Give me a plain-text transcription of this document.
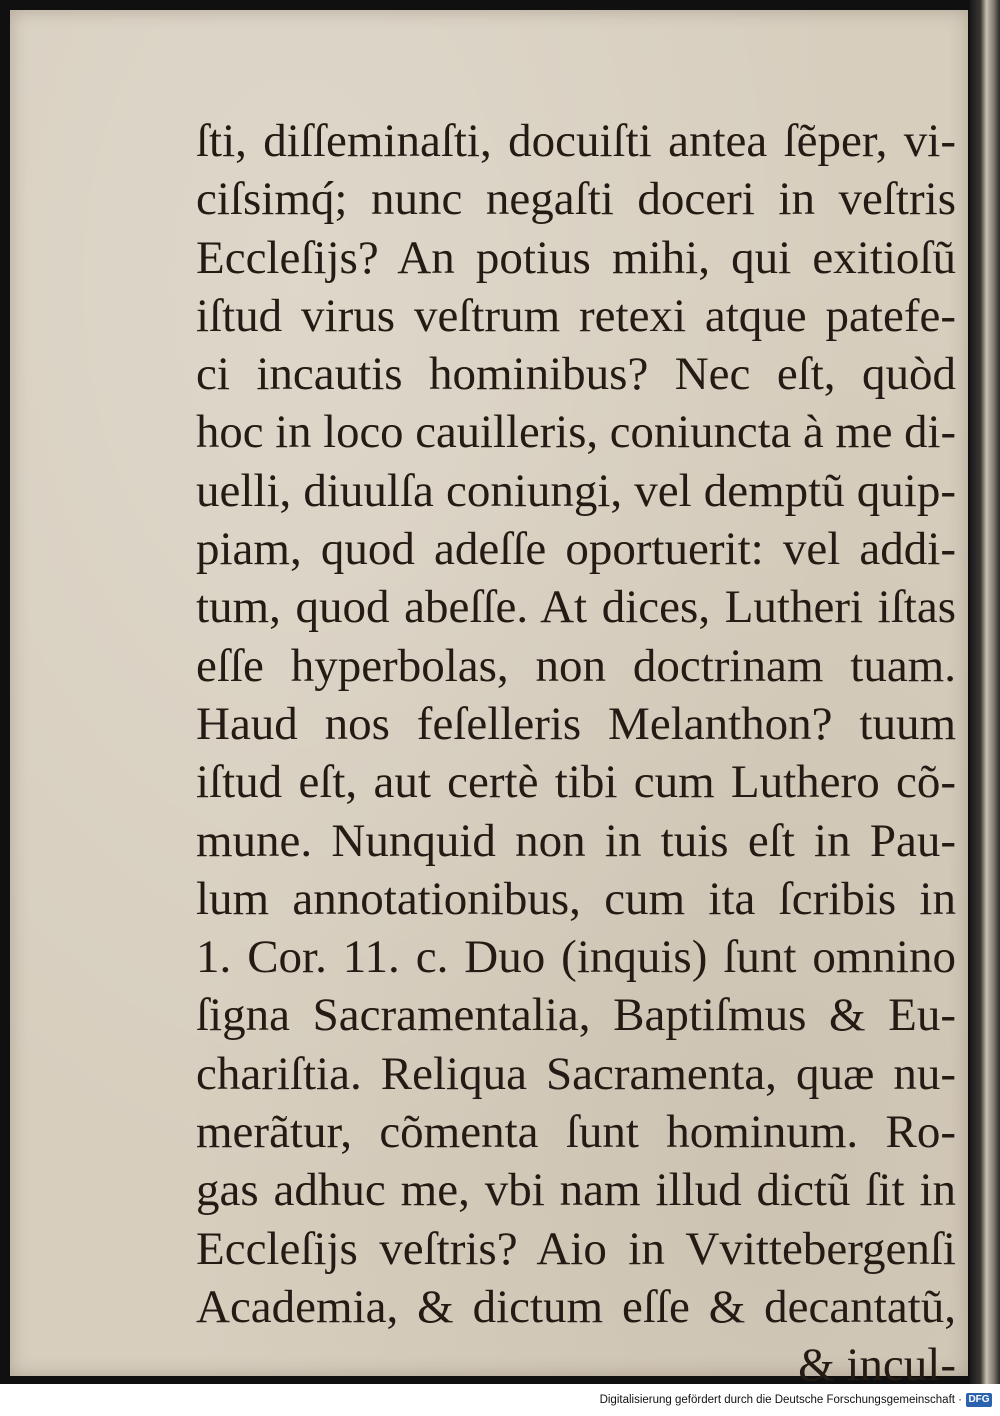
ſti, diſſeminaſti, docuiſti antea ſẽper, vi-
ciſsimq́; nunc negaſti doceri in veſtris
Eccleſijs? An potius mihi, qui exitioſũ
iſtud virus veſtrum retexi atque patefe-
ci incautis hominibus? Nec eſt, quòd
hoc in loco cauilleris, coniuncta à me di-
uelli, diuulſa coniungi, vel demptũ quip-
piam, quod adeſſe oportuerit: vel addi-
tum, quod abeſſe. At dices, Lutheri iſtas
eſſe hyperbolas, non doctrinam tuam.
Haud nos feſelleris Melanthon? tuum
iſtud eſt, aut certè tibi cum Luthero cõ-
mune. Nunquid non in tuis eſt in Pau-
lum annotationibus, cum ita ſcribis in
1. Cor. 11. c. Duo (inquis) ſunt omnino
ſigna Sacramentalia, Baptiſmus & Eu-
chariſtia. Reliqua Sacramenta, quæ nu-
merãtur, cõmenta ſunt hominum. Ro-
gas adhuc me, vbi nam illud dictũ ſit in
Eccleſijs veſtris? Aio in Vvittebergenſi
Academia, & dictum eſſe & decantatũ,
& incul-
Digitalisierung gefördert durch die Deutsche Forschungsgemeinschaft · DFG
